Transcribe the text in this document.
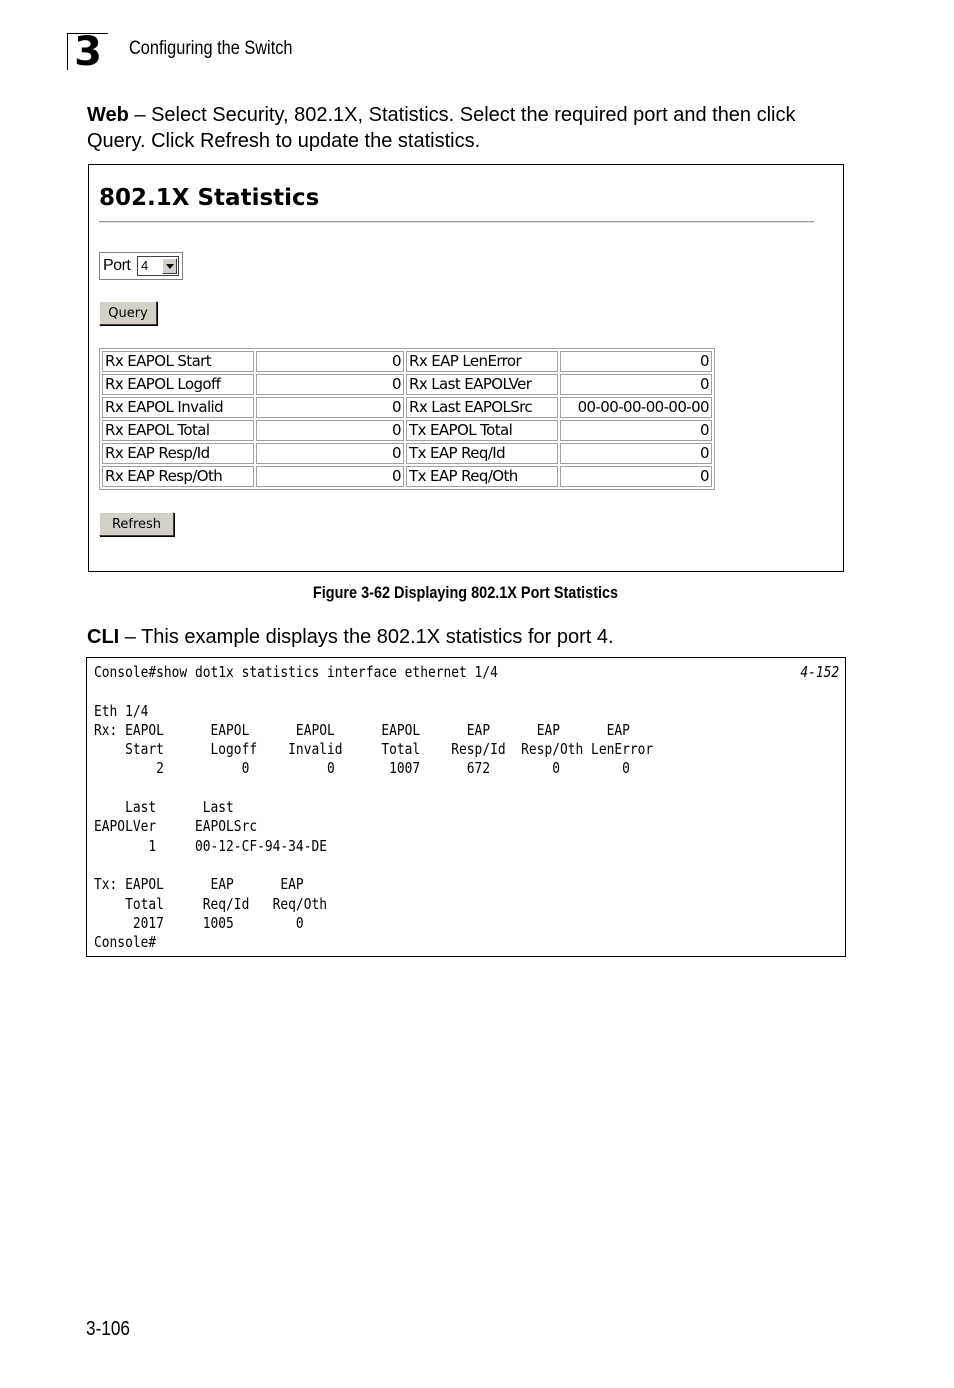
3	Configuring the Switch
Web – Select Security, 802.1X, Statistics. Select the required port and then click Query. Click Refresh to update the statistics.
802.1X Statistics
Port 4
Query
Rx EAPOL Start	0	Rx EAP LenError	0
Rx EAPOL Logoff	0	Rx Last EAPOLVer	0
Rx EAPOL Invalid	0	Rx Last EAPOLSrc	00-00-00-00-00-00
Rx EAPOL Total	0	Tx EAPOL Total	0
Rx EAP Resp/Id	0	Tx EAP Req/Id	0
Rx EAP Resp/Oth	0	Tx EAP Req/Oth	0
Refresh
Figure 3-62 Displaying 802.1X Port Statistics
CLI – This example displays the 802.1X statistics for port 4.
Console#show dot1x statistics interface ethernet 1/4

Eth 1/4
Rx: EAPOL      EAPOL      EAPOL      EAPOL      EAP      EAP      EAP
Start      Logoff    Invalid     Total    Resp/Id  Resp/Oth LenError
2          0          0       1007      672        0        0

Last      Last
EAPOLVer     EAPOLSrc
1     00-12-CF-94-34-DE

Tx: EAPOL      EAP      EAP
Total     Req/Id   Req/Oth
2017     1005        0
Console#
4-152
3-106
